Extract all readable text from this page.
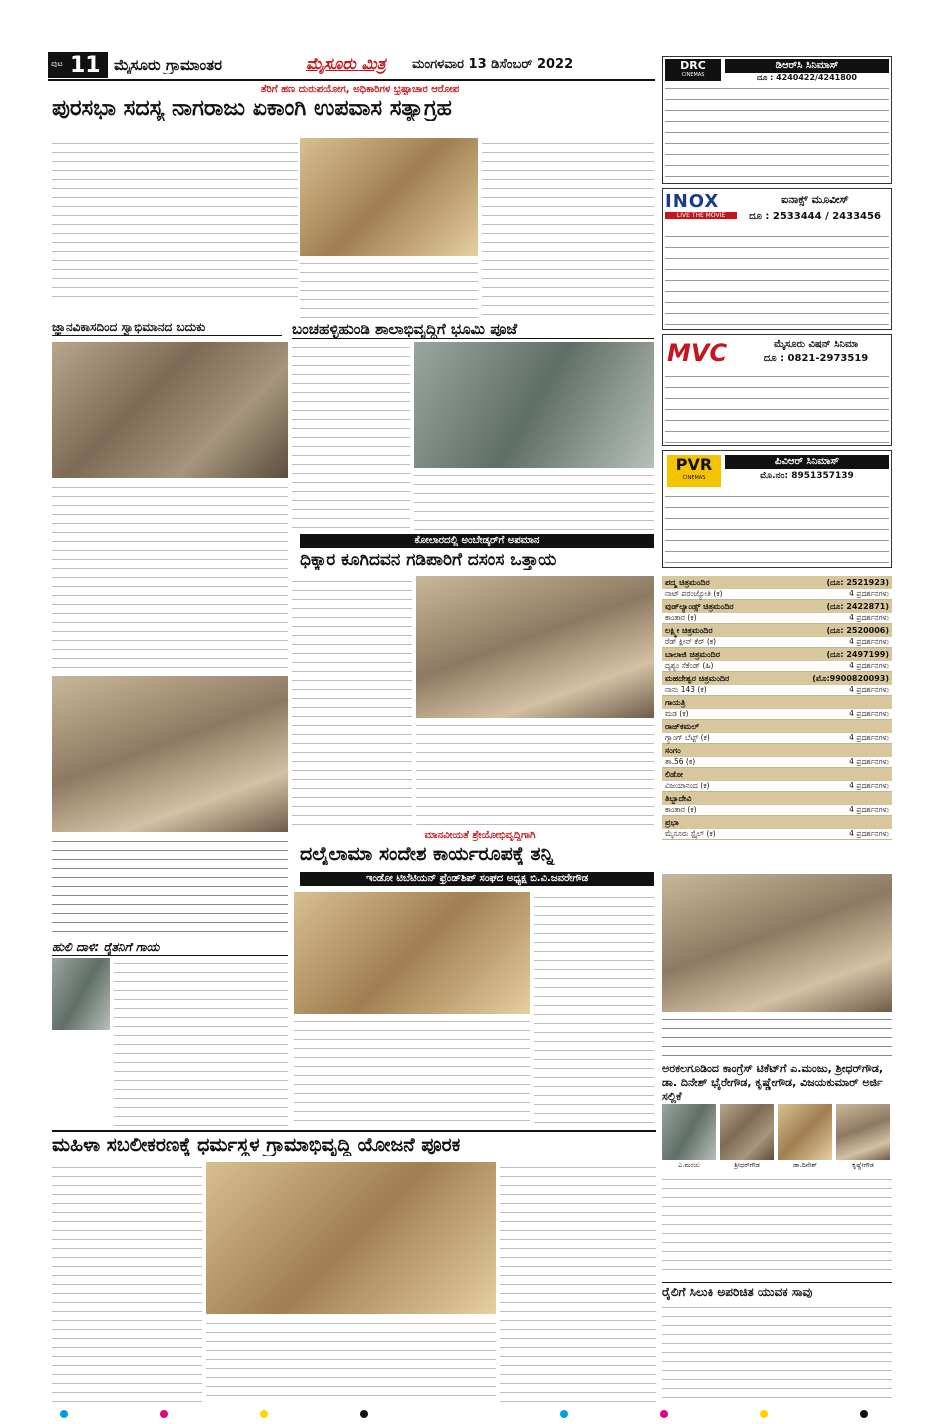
ಪುಟ 11 ಮೈಸೂರು ಗ್ರಾಮಾಂತರ	ಮೈಸೂರು ಮಿತ್ರ	ಮಂಗಳವಾರ 13 ಡಿಸೆಂಬರ್ 2022
ತೆರಿಗೆ ಹಣ ದುರುಪಯೋಗ, ಅಧಿಕಾರಿಗಳ ಭ್ರಷ್ಟಾಚಾರ ಆರೋಪ
ಪುರಸಭಾ ಸದಸ್ಯ ನಾಗರಾಜು ಏಕಾಂಗಿ ಉಪವಾಸ ಸತ್ಯಾಗ್ರಹ
ಜ್ಞಾನವಿಕಾಸದಿಂದ ಸ್ವಾಭಿಮಾನದ ಬದುಕು	ಬಂಚಹಳ್ಳಿಹುಂಡಿ ಶಾಲಾಭಿವೃದ್ಧಿಗೆ ಭೂಮಿ ಪೂಜೆ
ಕೋಲಾರದಲ್ಲಿ ಅಂಬೇಡ್ಕರ್‌ಗೆ ಅಪಮಾನ
ಧಿಕ್ಕಾರ ಕೂಗಿದವನ ಗಡಿಪಾರಿಗೆ ದಸಂಸ ಒತ್ತಾಯ
ಹುಲಿ ದಾಳಿ: ರೈತನಿಗೆ ಗಾಯ
ಮಾನವೀಯತೆ ಶ್ರೇಯೋಭಿವೃದ್ಧಿಗಾಗಿ
ದಲೈಲಾಮಾ ಸಂದೇಶ ಕಾರ್ಯರೂಪಕ್ಕೆ ತನ್ನಿ
ಇಂಡೋ ಟಿಬೆಟಿಯನ್ ಫ್ರೆಂಡ್‌ಶಿಪ್ ಸಂಘದ ಅಧ್ಯಕ್ಷ ಬಿ.ವಿ.ಜವರೇಗೌಡ
ಮಹಿಳಾ ಸಬಲೀಕರಣಕ್ಕೆ ಧರ್ಮಸ್ಥಳ ಗ್ರಾಮಾಭಿವೃದ್ಧಿ ಯೋಜನೆ ಪೂರಕ
DRC
CINEMAS
ಡಿಆರ್‌ಸಿ ಸಿನಿಮಾಸ್
ದೂ : 4240422/4241800
INOX
LIVE THE MOVIE
ಐನಾಕ್ಸ್ ಮೂವೀಸ್
ದೂ : 2533444 / 2433456
MVC	ಮೈಸೂರು ವಿಷನ್ ಸಿನಿಮಾ
ದೂ : 0821-2973519
PVR
CINEMAS
ಪಿವಿಆರ್ ಸಿನಿಮಾಸ್
ಮೊ.ನಂ: 8951357139
ಪದ್ಮ ಚಿತ್ರಮಂದಿರ	(ದೂ: 2521923)
ನಾಟ್ ಪರಂಜ್ಯೋತಿ (ಕ)	4 ಪ್ರದರ್ಶನಗಳು
ವುಡ್‌ಲ್ಯಾಂಡ್ಸ್ ಚಿತ್ರಮಂದಿರ	(ದೂ: 2422871)
ಕಾಂತಾರ (ಕ)	4 ಪ್ರದರ್ಶನಗಳು
ಲಕ್ಷ್ಮೀ ಚಿತ್ರಮಂದಿರ	(ದೂ: 2520006)
ರೆಡ್ ಕ್ಲೀನ್ ಕೆರ್ (ಕ)	4 ಪ್ರದರ್ಶನಗಳು
ಬಾಲಾಜಿ ಚಿತ್ರಮಂದಿರ	(ದೂ: 2497199)
ದೃಶ್ಯಂ ಸೆಕೆಂಡ್ (ಹಿ)	4 ಪ್ರದರ್ಶನಗಳು
ಮಹದೇಶ್ವರ ಚಿತ್ರಮಂದಿರ	(ಮೊ:9900820093)
ನಾನು 143 (ಕ)	4 ಪ್ರದರ್ಶನಗಳು
ಗಾಯತ್ರಿ
ಮಡ (ಕ)	4 ಪ್ರದರ್ಶನಗಳು
ರಾಜ್‌ಕಮಲ್
ಗ್ಯಾಂಗ್ ಬೆಟ್ಟ್ (ಕ)	4 ಪ್ರದರ್ಶನಗಳು
ಸಂಗಂ
ತಾ.56 (ಕ)	4 ಪ್ರದರ್ಶನಗಳು
ಲಿಡೋ
ವಿಜಯಾನಂದ (ಕ)	4 ಪ್ರದರ್ಶನಗಳು
ತಿಬ್ಬಾದೇವಿ
ಕಾಂತಾರ (ಕ)	4 ಪ್ರದರ್ಶನಗಳು
ಪ್ರಭಾ
ಮೈಸೂರು ಸ್ಟೈಲ್ (ಕ)	4 ಪ್ರದರ್ಶನಗಳು
ಅರಕಲಗೂಡಿಂದ ಕಾಂಗ್ರೆಸ್ ಟಿಕೆಟ್‌ಗೆ ಎ.ಮಂಜು, ಶ್ರೀಧರ್‌ಗೌಡ, ಡಾ. ದಿನೇಶ್ ಭೈರೇಗೌಡ, ಕೃಷ್ಣೇಗೌಡ, ವಿಜಯಕುಮಾರ್ ಅರ್ಜಿ ಸಲ್ಲಿಕೆ
ಎ.ಮಂಜು	ಶ್ರೀಧರ್‌ಗೌಡ	ಡಾ.ದಿನೇಶ್	ಕೃಷ್ಣೇಗೌಡ
ರೈಲಿಗೆ ಸಿಲುಕಿ ಅಪರಿಚಿತ ಯುವಕ ಸಾವು
